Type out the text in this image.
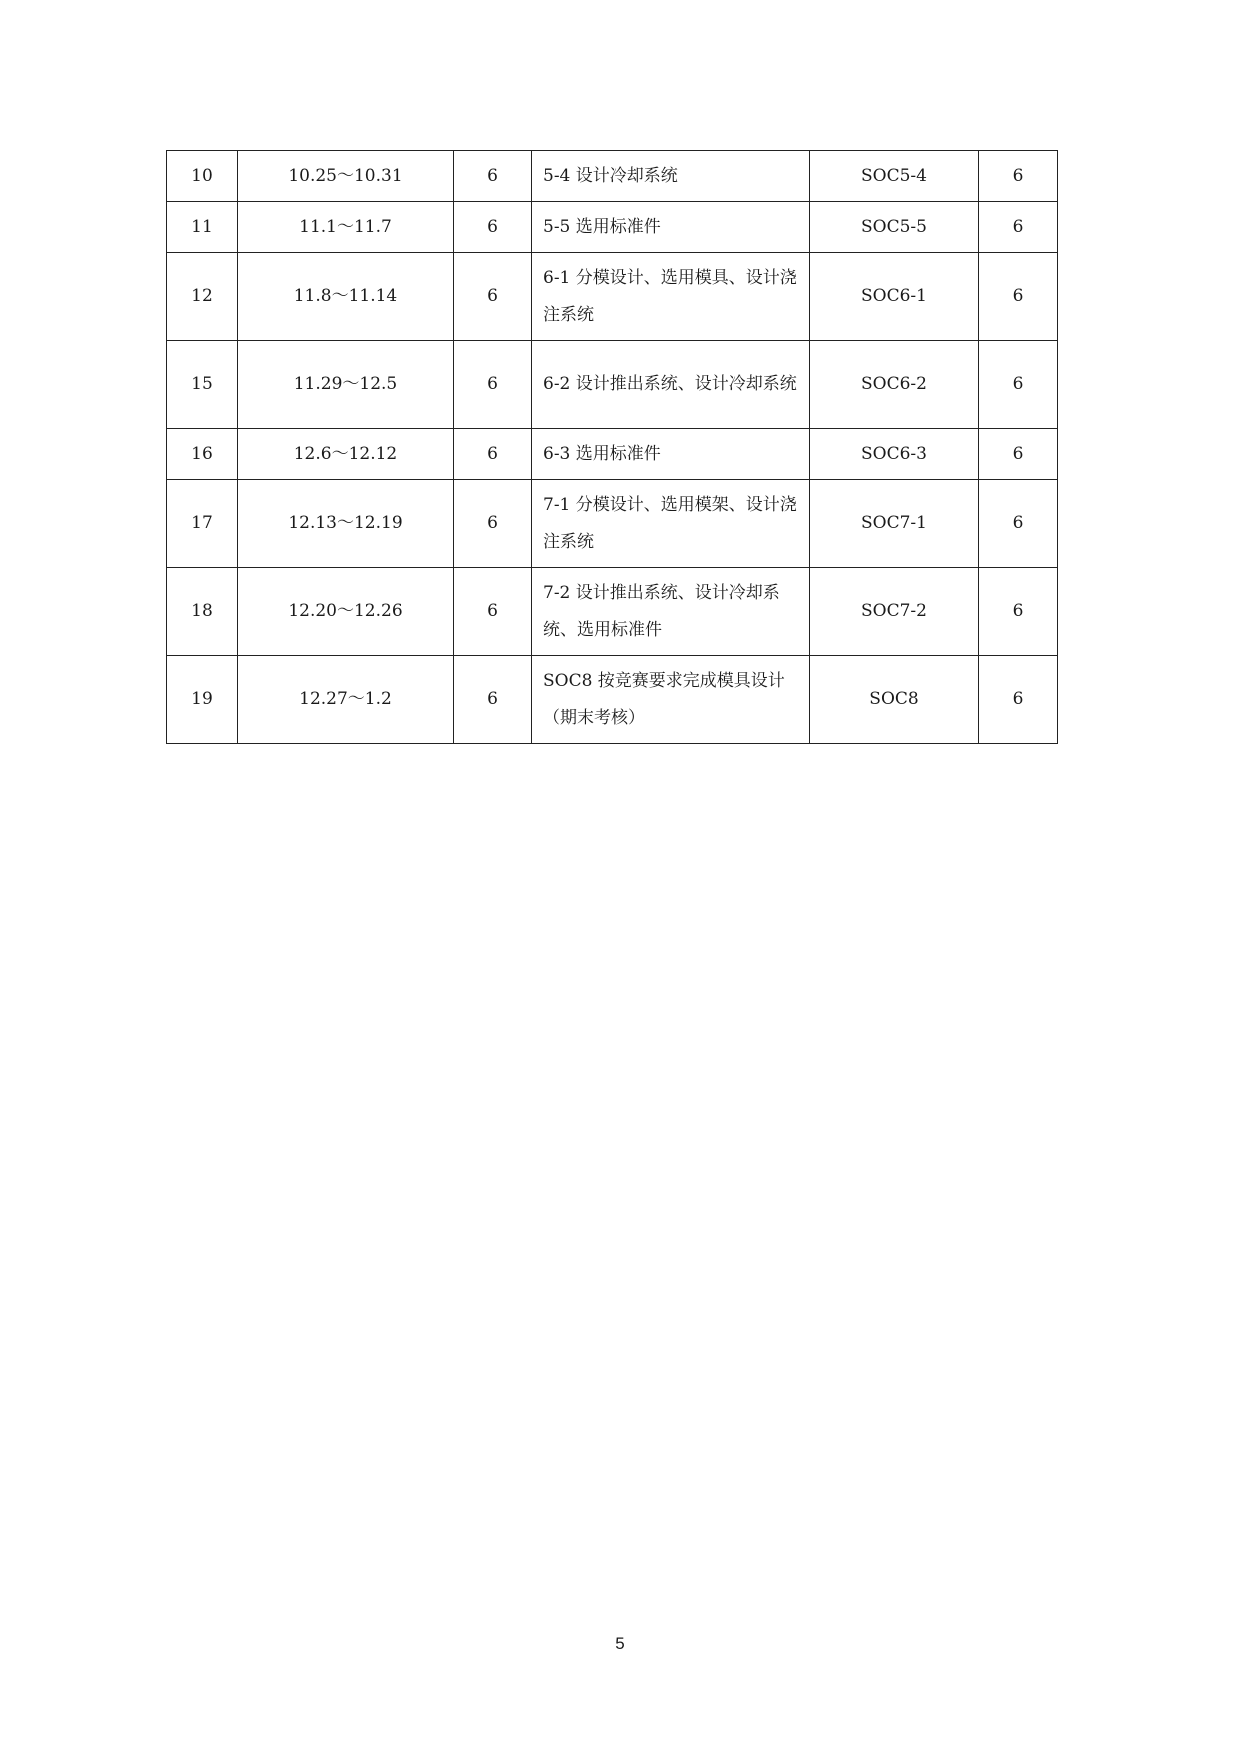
10	10.25～10.31	6	5-4 设计冷却系统	SOC5-4	6
11	11.1～11.7	6	5-5 选用标准件	SOC5-5	6
12	11.8～11.14	6	6-1 分模设计、选用模具、设计浇注系统	SOC6-1	6
15	11.29～12.5	6	6-2 设计推出系统、设计冷却系统	SOC6-2	6
16	12.6～12.12	6	6-3 选用标准件	SOC6-3	6
17	12.13～12.19	6	7-1 分模设计、选用模架、设计浇注系统	SOC7-1	6
18	12.20～12.26	6	7-2 设计推出系统、设计冷却系统、选用标准件	SOC7-2	6
19	12.27～1.2	6	SOC8 按竞赛要求完成模具设计（期末考核）	SOC8	6
5
